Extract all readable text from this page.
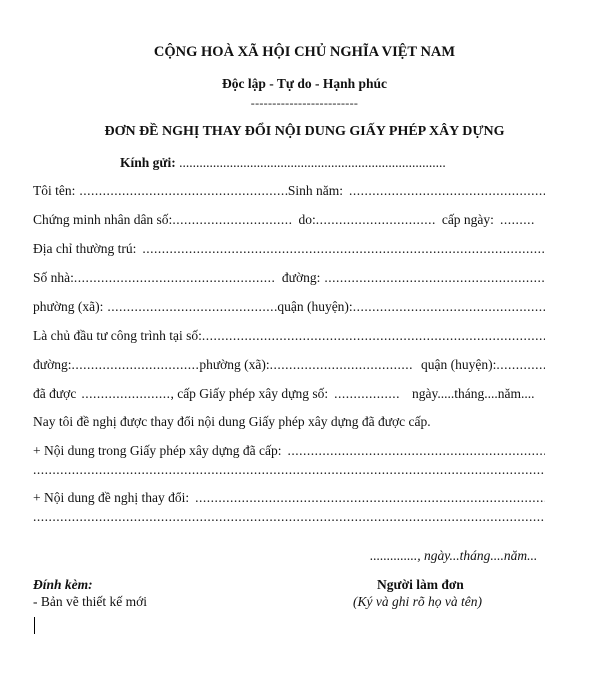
CỘNG HOÀ XÃ HỘI CHỦ NGHĨA VIỆT NAM
Độc lập - Tự do - Hạnh phúc
-------------------------
ĐƠN ĐỀ NGHỊ THAY ĐỔI NỘI DUNG GIẤY PHÉP XÂY DỰNG
Kính gửi: ...............................................................................
Tôi tên: .....	Sinh năm:
.....
Chứng minh nhân dân số: ............................... do: ............................... cấp ngày: .........
Địa chỉ thường trú:
.....
Số nhà: .....	đường:
.....
phường (xã): .....	quận (huyện):
.....
Là chủ đầu tư công trình tại số:
.....
đường: ................................. phường (xã): ..................................... quận (huyện):
.....
đã được ....................... , cấp Giấy phép xây dựng số: ................. ngày.....tháng....năm....
Nay tôi đề nghị được thay đổi nội dung Giấy phép xây dựng đã được cấp.
+ Nội dung trong Giấy phép xây dựng đã cấp:
.....
.....
+ Nội dung đề nghị thay đổi:
.....
.....
.............., ngày...tháng....năm...
Đính kèm:
- Bản vẽ thiết kế mới
Người làm đơn
(Ký và ghi rõ họ và tên)
